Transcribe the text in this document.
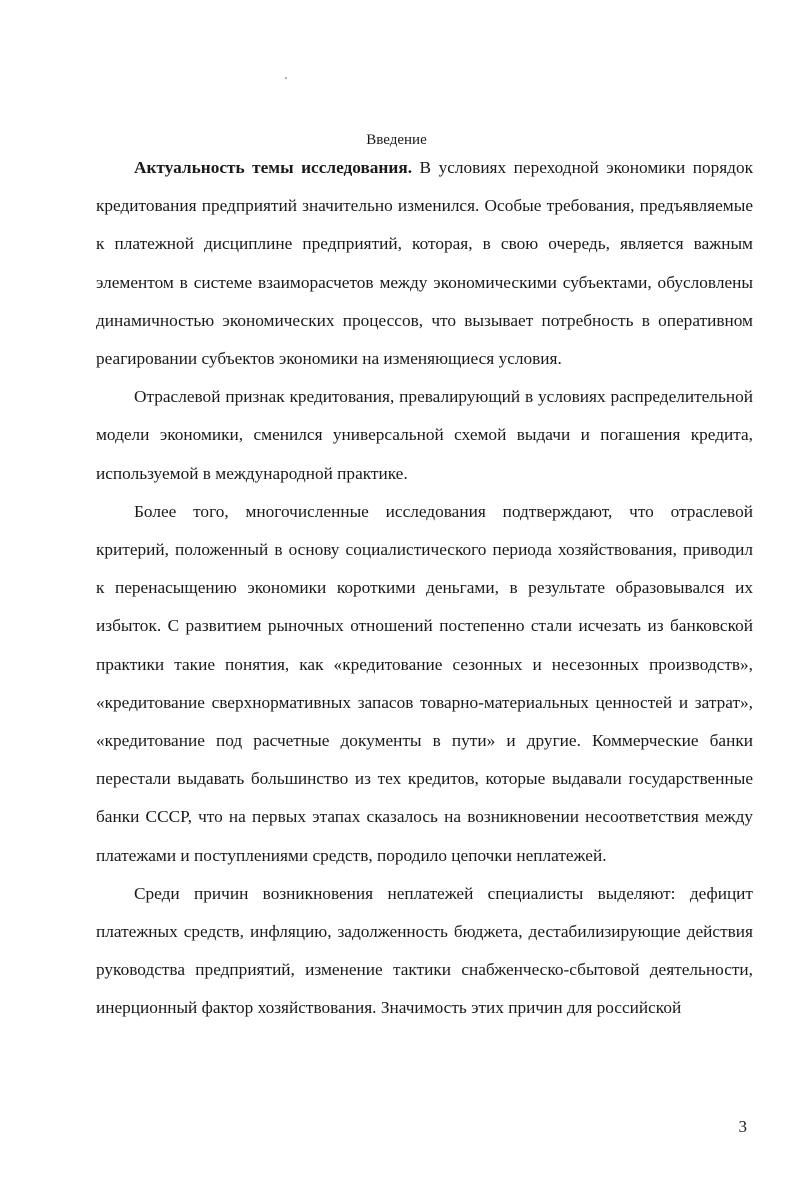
Введение

Актуальность темы исследования. В условиях переходной экономики порядок кредитования предприятий значительно изменился. Особые требования, предъявляемые к платежной дисциплине предприятий, которая, в свою очередь, является важным элементом в системе взаиморасчетов между экономическими субъектами, обусловлены динамичностью экономических процессов, что вызывает потребность в оперативном реагировании субъектов экономики на изменяющиеся условия.

Отраслевой признак кредитования, превалирующий в условиях распределительной модели экономики, сменился универсальной схемой выдачи и погашения кредита, используемой в международной практике.

Более того, многочисленные исследования подтверждают, что отраслевой критерий, положенный в основу социалистического периода хозяйствования, приводил к перенасыщению экономики короткими деньгами, в результате образовывался их избыток. С развитием рыночных отношений постепенно стали исчезать из банковской практики такие понятия, как «кредитование сезонных и несезонных производств», «кредитование сверхнормативных запасов товарно-материальных ценностей и затрат», «кредитование под расчетные документы в пути» и другие. Коммерческие банки перестали выдавать большинство из тех кредитов, которые выдавали государственные банки СССР, что на первых этапах сказалось на возникновении несоответствия между платежами и поступлениями средств, породило цепочки неплатежей.

Среди причин возникновения неплатежей специалисты выделяют: дефицит платежных средств, инфляцию, задолженность бюджета, дестабилизирующие действия руководства предприятий, изменение тактики снабженческо-сбытовой деятельности, инерционный фактор хозяйствования. Значимость этих причин для российской

3
